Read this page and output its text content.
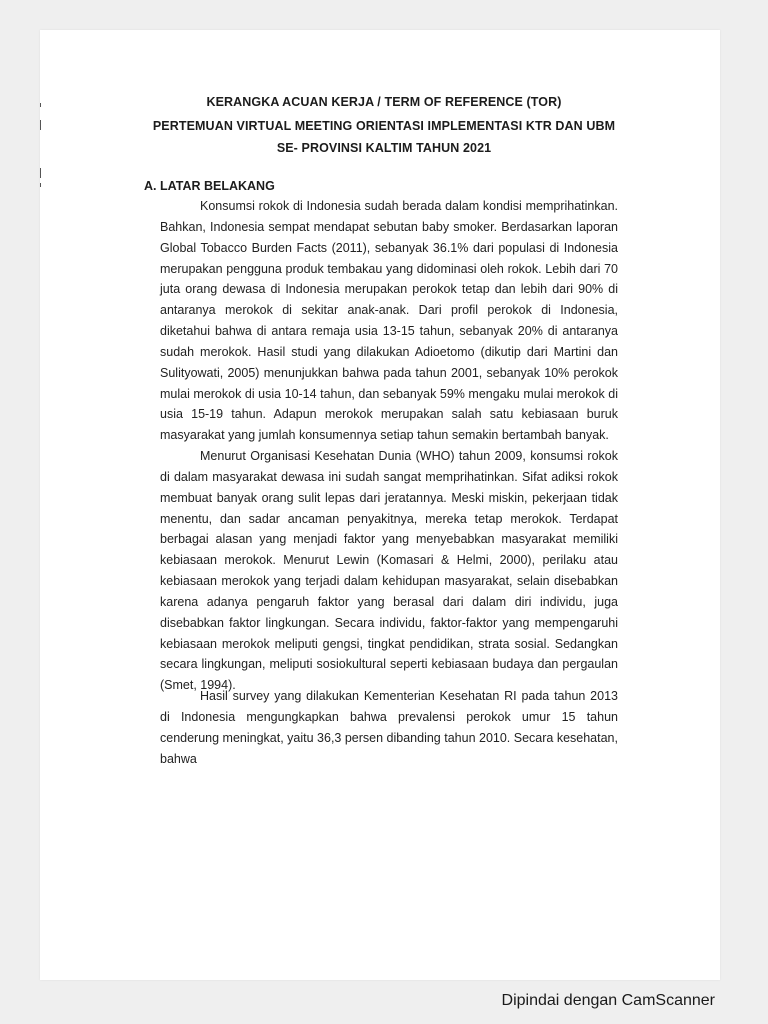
KERANGKA ACUAN KERJA / TERM OF REFERENCE (TOR)
PERTEMUAN VIRTUAL MEETING ORIENTASI IMPLEMENTASI KTR DAN UBM
SE- PROVINSI KALTIM TAHUN 2021
A. LATAR BELAKANG

Konsumsi rokok di Indonesia sudah berada dalam kondisi memprihatinkan. Bahkan, Indonesia sempat mendapat sebutan baby smoker. Berdasarkan laporan Global Tobacco Burden Facts (2011), sebanyak 36.1% dari populasi di Indonesia merupakan pengguna produk tembakau yang didominasi oleh rokok. Lebih dari 70 juta orang dewasa di Indonesia merupakan perokok tetap dan lebih dari 90% di antaranya merokok di sekitar anak-anak. Dari profil perokok di Indonesia, diketahui bahwa di antara remaja usia 13-15 tahun, sebanyak 20% di antaranya sudah merokok. Hasil studi yang dilakukan Adioetomo (dikutip dari Martini dan Sulityowati, 2005) menunjukkan bahwa pada tahun 2001, sebanyak 10% perokok mulai merokok di usia 10-14 tahun, dan sebanyak 59% mengaku mulai merokok di usia 15-19 tahun. Adapun merokok merupakan salah satu kebiasaan buruk masyarakat yang jumlah konsumennya setiap tahun semakin bertambah banyak.

Menurut Organisasi Kesehatan Dunia (WHO) tahun 2009, konsumsi rokok di dalam masyarakat dewasa ini sudah sangat memprihatinkan. Sifat adiksi rokok membuat banyak orang sulit lepas dari jeratannya. Meski miskin, pekerjaan tidak menentu, dan sadar ancaman penyakitnya, mereka tetap merokok. Terdapat berbagai alasan yang menjadi faktor yang menyebabkan masyarakat memiliki kebiasaan merokok. Menurut Lewin (Komasari & Helmi, 2000), perilaku atau kebiasaan merokok yang terjadi dalam kehidupan masyarakat, selain disebabkan karena adanya pengaruh faktor yang berasal dari dalam diri individu, juga disebabkan faktor lingkungan. Secara individu, faktor-faktor yang mempengaruhi kebiasaan merokok meliputi gengsi, tingkat pendidikan, strata sosial. Sedangkan secara lingkungan, meliputi sosiokultural seperti kebiasaan budaya dan pergaulan (Smet, 1994).

Hasil survey yang dilakukan Kementerian Kesehatan RI pada tahun 2013 di Indonesia mengungkapkan bahwa prevalensi perokok umur 15 tahun cenderung meningkat, yaitu 36,3 persen dibanding tahun 2010. Secara kesehatan, bahwa

Dipindai dengan CamScanner
